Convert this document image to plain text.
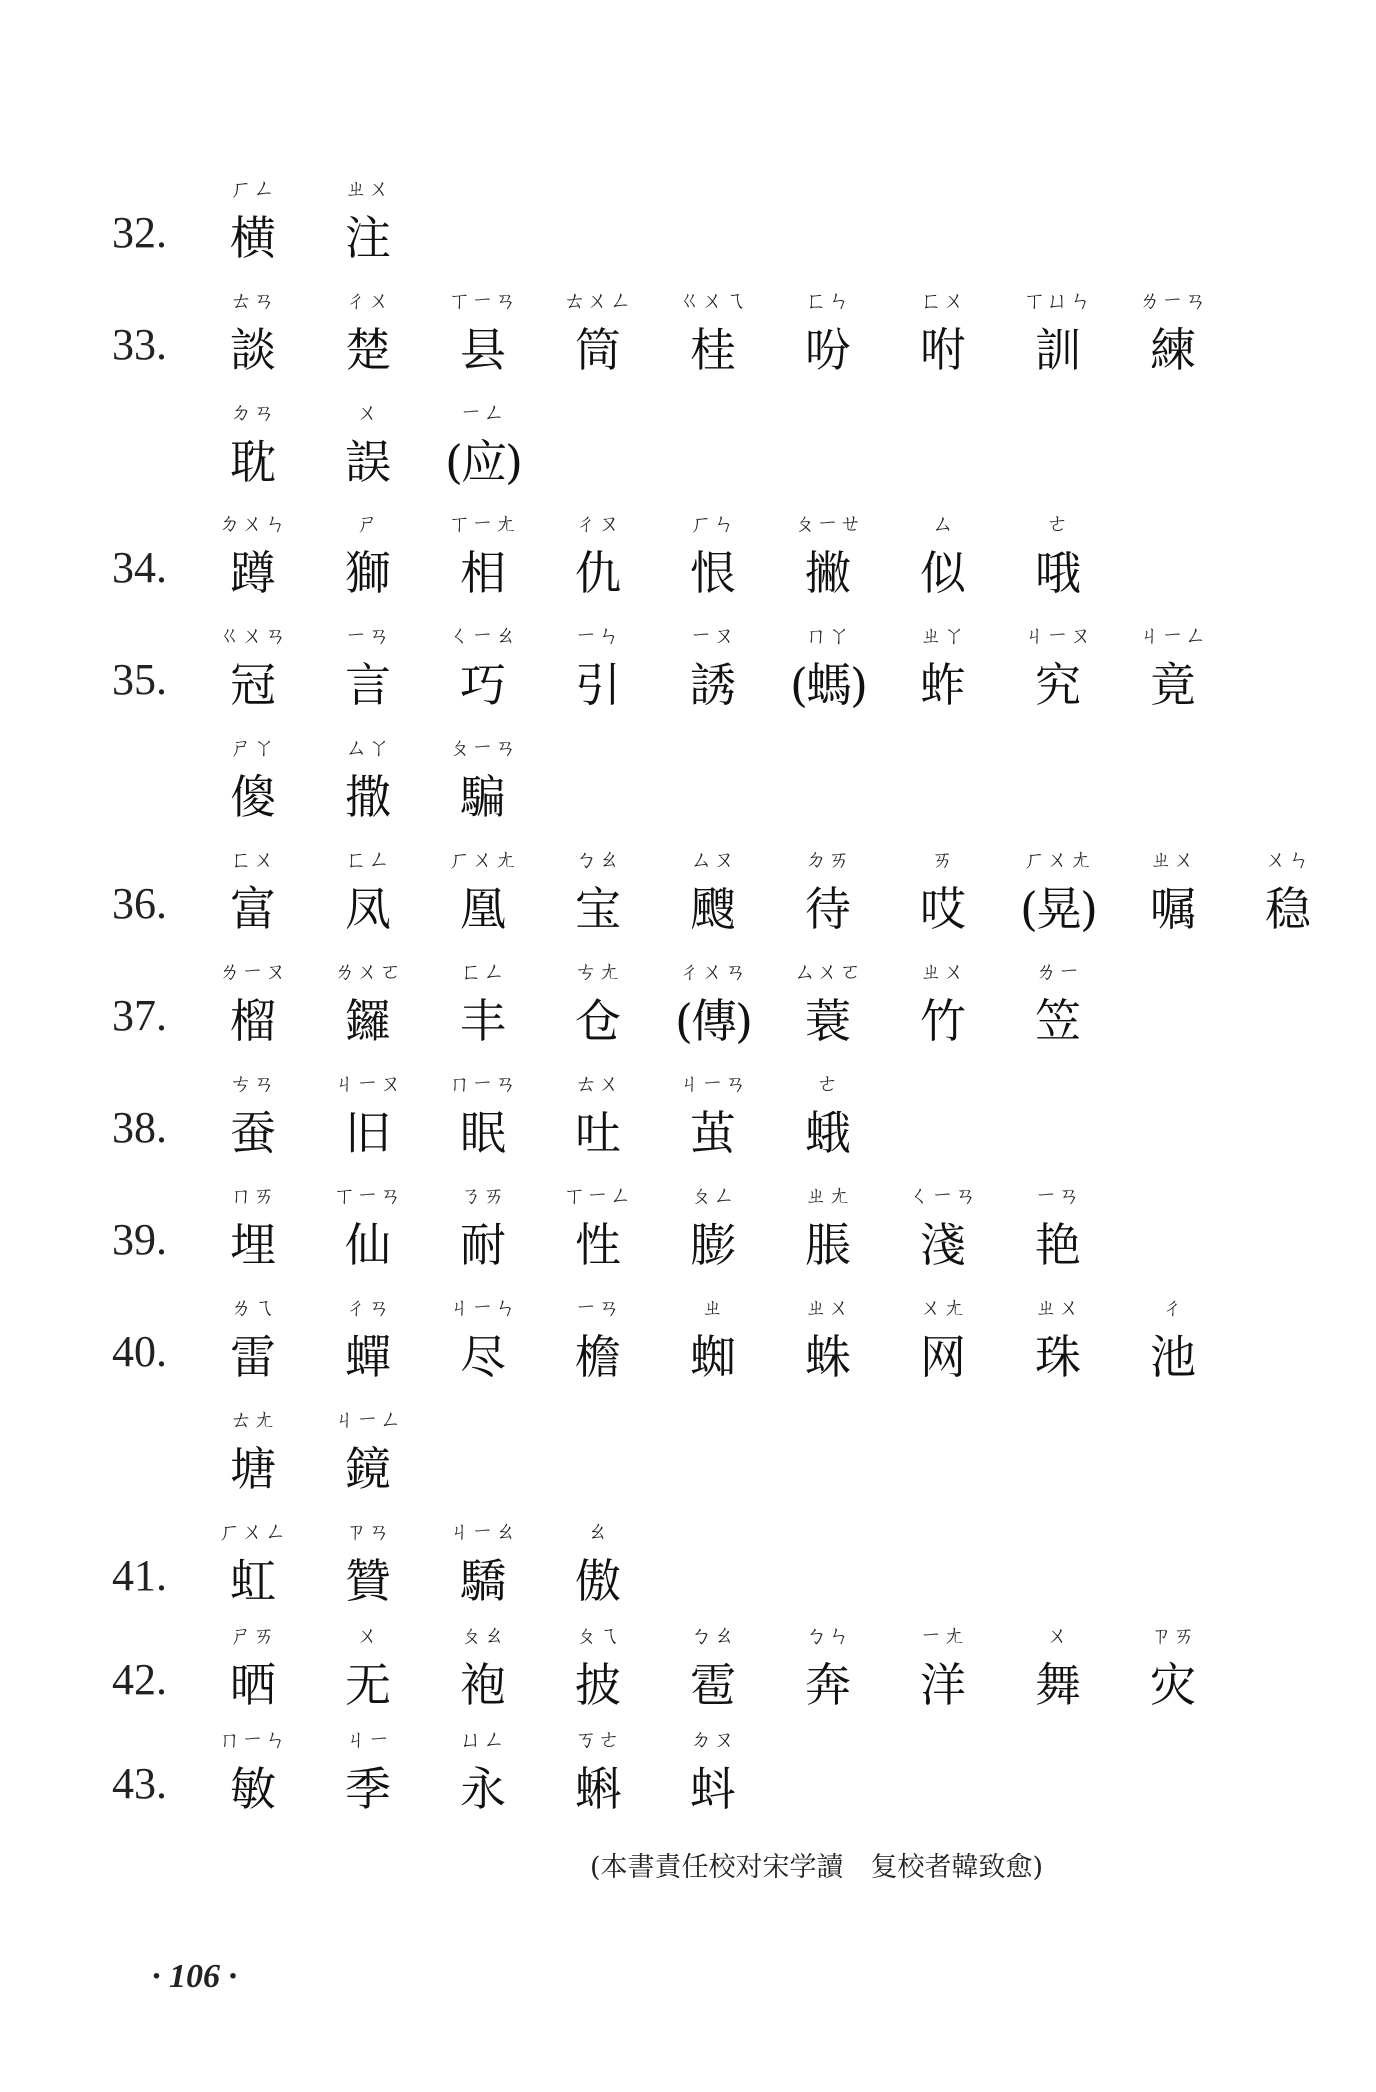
32.
ㄏㄥ
横
ㄓㄨ
注
33.
ㄊㄢ
談
ㄔㄨ
楚
ㄒㄧㄢ
县
ㄊㄨㄥ
筒
ㄍㄨㄟ
桂
ㄈㄣ
吩
ㄈㄨ
咐
ㄒㄩㄣ
訓
ㄌㄧㄢ
練
ㄉㄢ
耽
ㄨ
誤
ㄧㄥ
(应)
34.
ㄉㄨㄣ
蹲
ㄕ
獅
ㄒㄧㄤ
相
ㄔㄡ
仇
ㄏㄣ
恨
ㄆㄧㄝ
撇
ㄙ
似
ㄜ
哦
35.
ㄍㄨㄢ
冠
ㄧㄢ
言
ㄑㄧㄠ
巧
ㄧㄣ
引
ㄧㄡ
誘
ㄇㄚ
(螞)
ㄓㄚ
蚱
ㄐㄧㄡ
究
ㄐㄧㄥ
竟
ㄕㄚ
傻
ㄙㄚ
撒
ㄆㄧㄢ
騙
36.
ㄈㄨ
富
ㄈㄥ
凤
ㄏㄨㄤ
凰
ㄅㄠ
宝
ㄙㄡ
颼
ㄉㄞ
待
ㄞ
哎
ㄏㄨㄤ
(晃)
ㄓㄨ
嘱
ㄨㄣ
稳
37.
ㄌㄧㄡ
榴
ㄌㄨㄛ
鑼
ㄈㄥ
丰
ㄘㄤ
仓
ㄔㄨㄢ
(傳)
ㄙㄨㄛ
蓑
ㄓㄨ
竹
ㄌㄧ
笠
38.
ㄘㄢ
蚕
ㄐㄧㄡ
旧
ㄇㄧㄢ
眠
ㄊㄨ
吐
ㄐㄧㄢ
茧
ㄜ
蛾
39.
ㄇㄞ
埋
ㄒㄧㄢ
仙
ㄋㄞ
耐
ㄒㄧㄥ
性
ㄆㄥ
膨
ㄓㄤ
脹
ㄑㄧㄢ
淺
ㄧㄢ
艳
40.
ㄌㄟ
雷
ㄔㄢ
蟬
ㄐㄧㄣ
尽
ㄧㄢ
檐
ㄓ
蜘
ㄓㄨ
蛛
ㄨㄤ
网
ㄓㄨ
珠
ㄔ
池
ㄊㄤ
塘
ㄐㄧㄥ
鏡
41.
ㄏㄨㄥ
虹
ㄗㄢ
贊
ㄐㄧㄠ
驕
ㄠ
傲
42.
ㄕㄞ
晒
ㄨ
无
ㄆㄠ
袍
ㄆㄟ
披
ㄅㄠ
雹
ㄅㄣ
奔
ㄧㄤ
洋
ㄨ
舞
ㄗㄞ
灾
43.
ㄇㄧㄣ
敏
ㄐㄧ
季
ㄩㄥ
永
ㄎㄜ
蝌
ㄉㄡ
蚪
(本書責任校对宋学讀　复校者韓致愈)
· 106 ·
